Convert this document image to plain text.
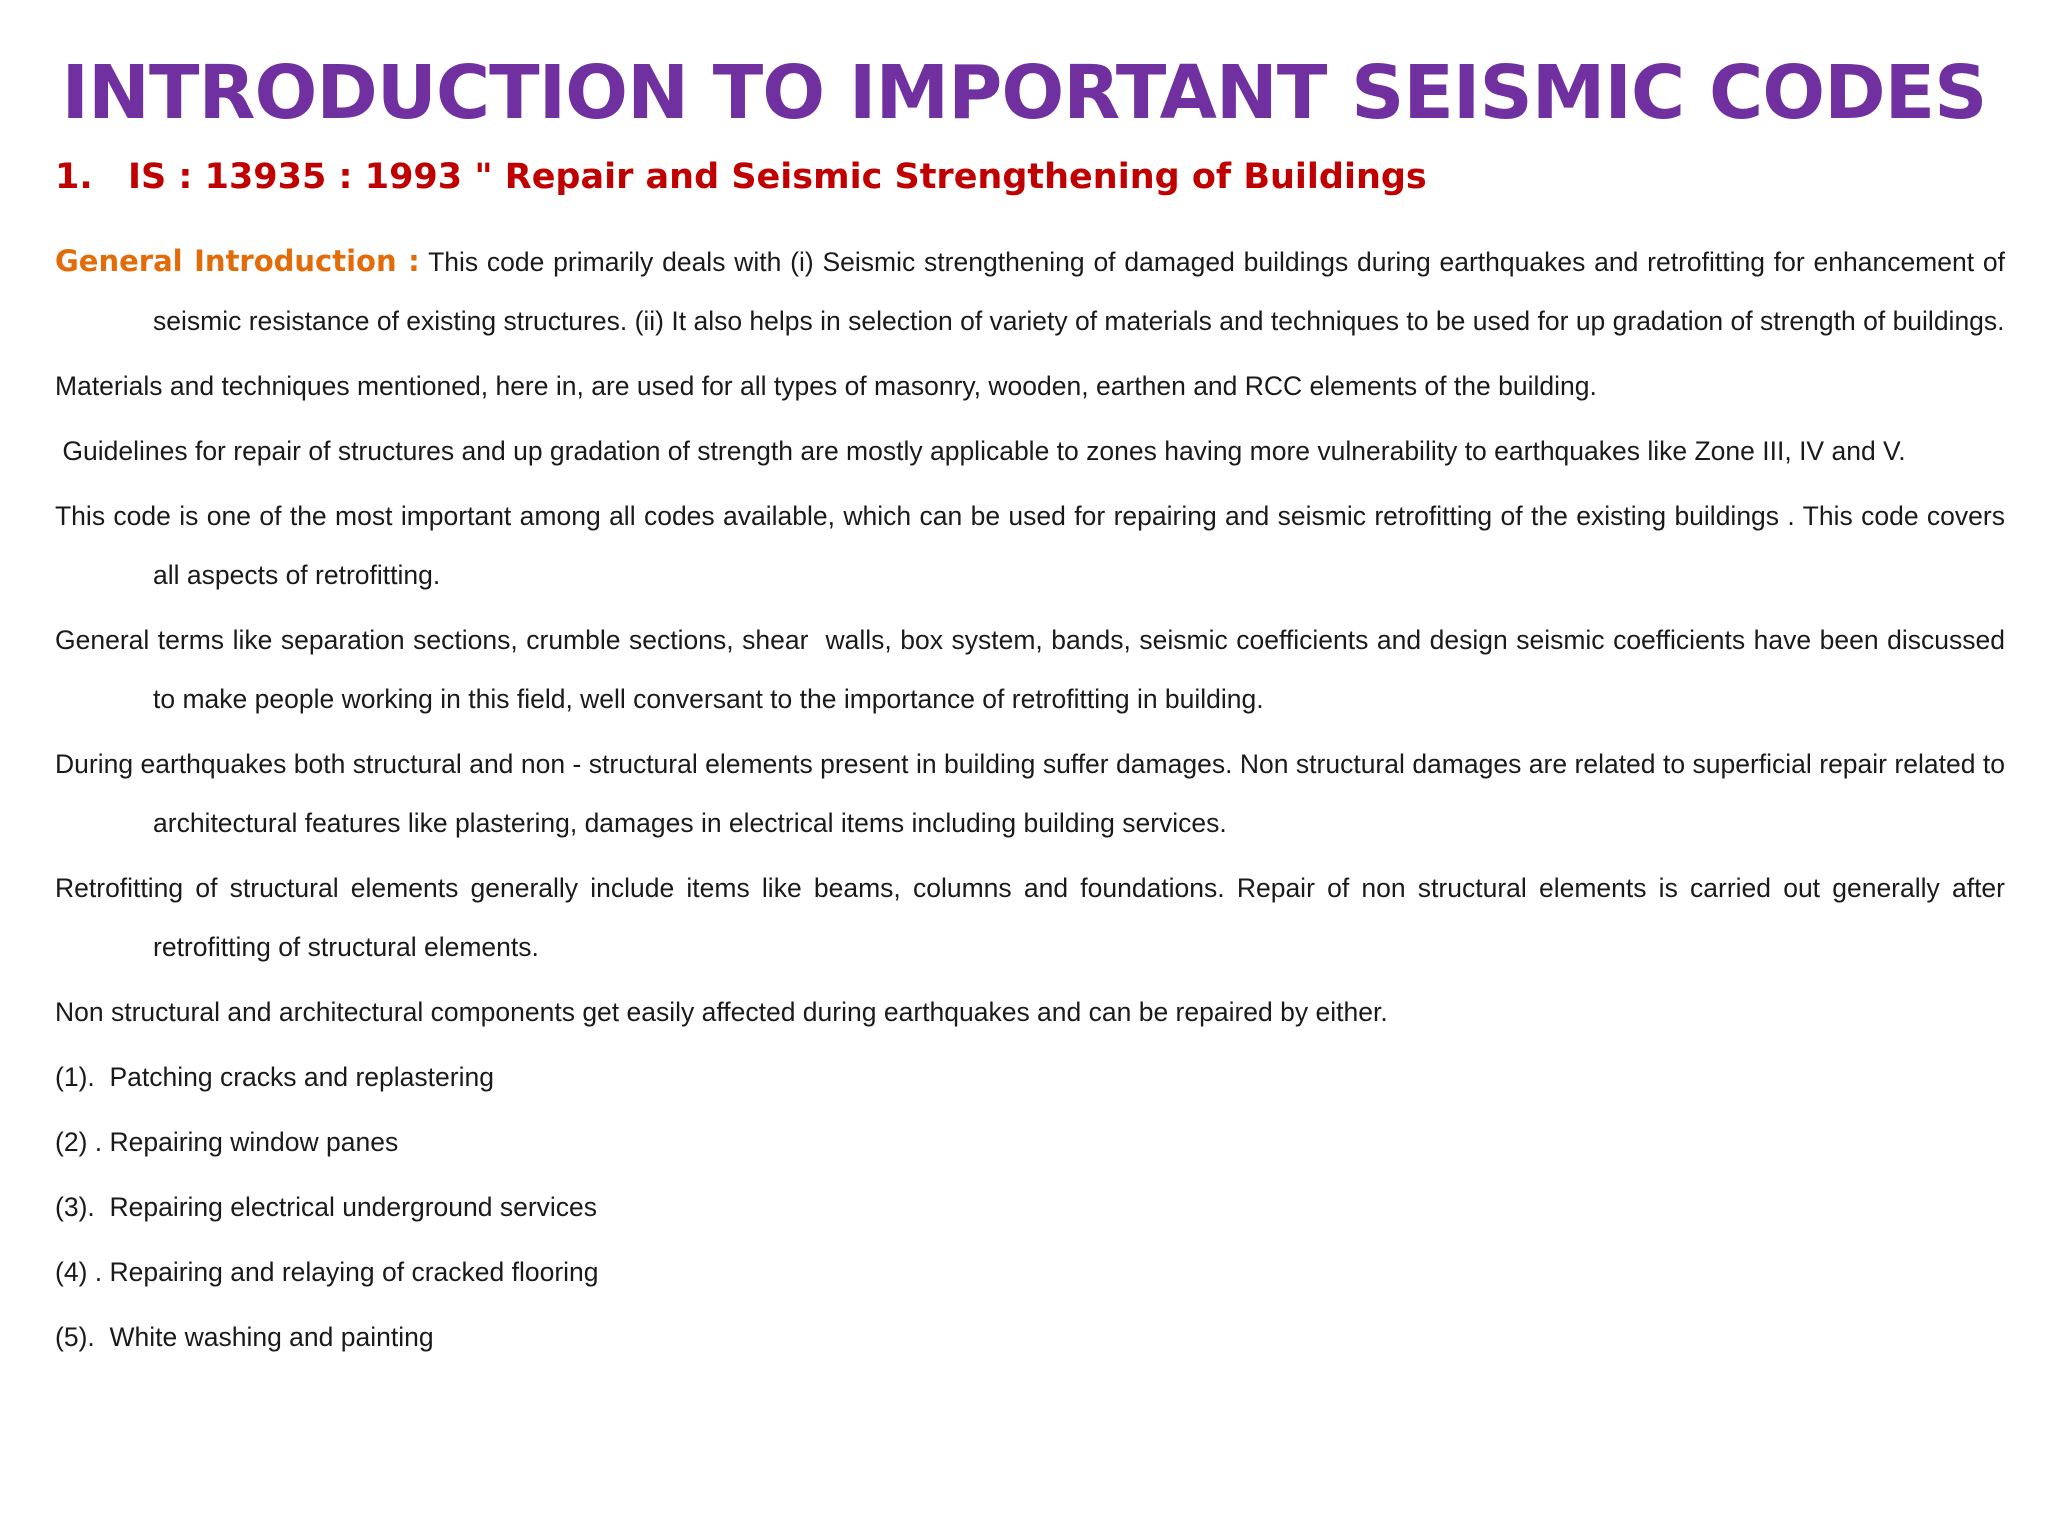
INTRODUCTION TO IMPORTANT SEISMIC CODES
1. IS : 13935 : 1993 " Repair and Seismic Strengthening of Buildings

General Introduction : This code primarily deals with (i) Seismic strengthening of damaged buildings during earthquakes and retrofitting for enhancement of seismic resistance of existing structures. (ii) It also helps in selection of variety of materials and techniques to be used for up gradation of strength of buildings.

Materials and techniques mentioned, here in, are used for all types of masonry, wooden, earthen and RCC elements of the building.

Guidelines for repair of structures and up gradation of strength are mostly applicable to zones having more vulnerability to earthquakes like Zone III, IV and V.

This code is one of the most important among all codes available, which can be used for repairing and seismic retrofitting of the existing buildings . This code covers all aspects of retrofitting.

General terms like separation sections, crumble sections, shear  walls, box system, bands, seismic coefficients and design seismic coefficients have been discussed to make people working in this field, well conversant to the importance of retrofitting in building.

During earthquakes both structural and non - structural elements present in building suffer damages. Non structural damages are related to superficial repair related to architectural features like plastering, damages in electrical items including building services.

Retrofitting of structural elements generally include items like beams, columns and foundations. Repair of non structural elements is carried out generally after retrofitting of structural elements.

Non structural and architectural components get easily affected during earthquakes and can be repaired by either.

(1).  Patching cracks and replastering
(2) . Repairing window panes
(3).  Repairing electrical underground services
(4) . Repairing and relaying of cracked flooring
(5).  White washing and painting
